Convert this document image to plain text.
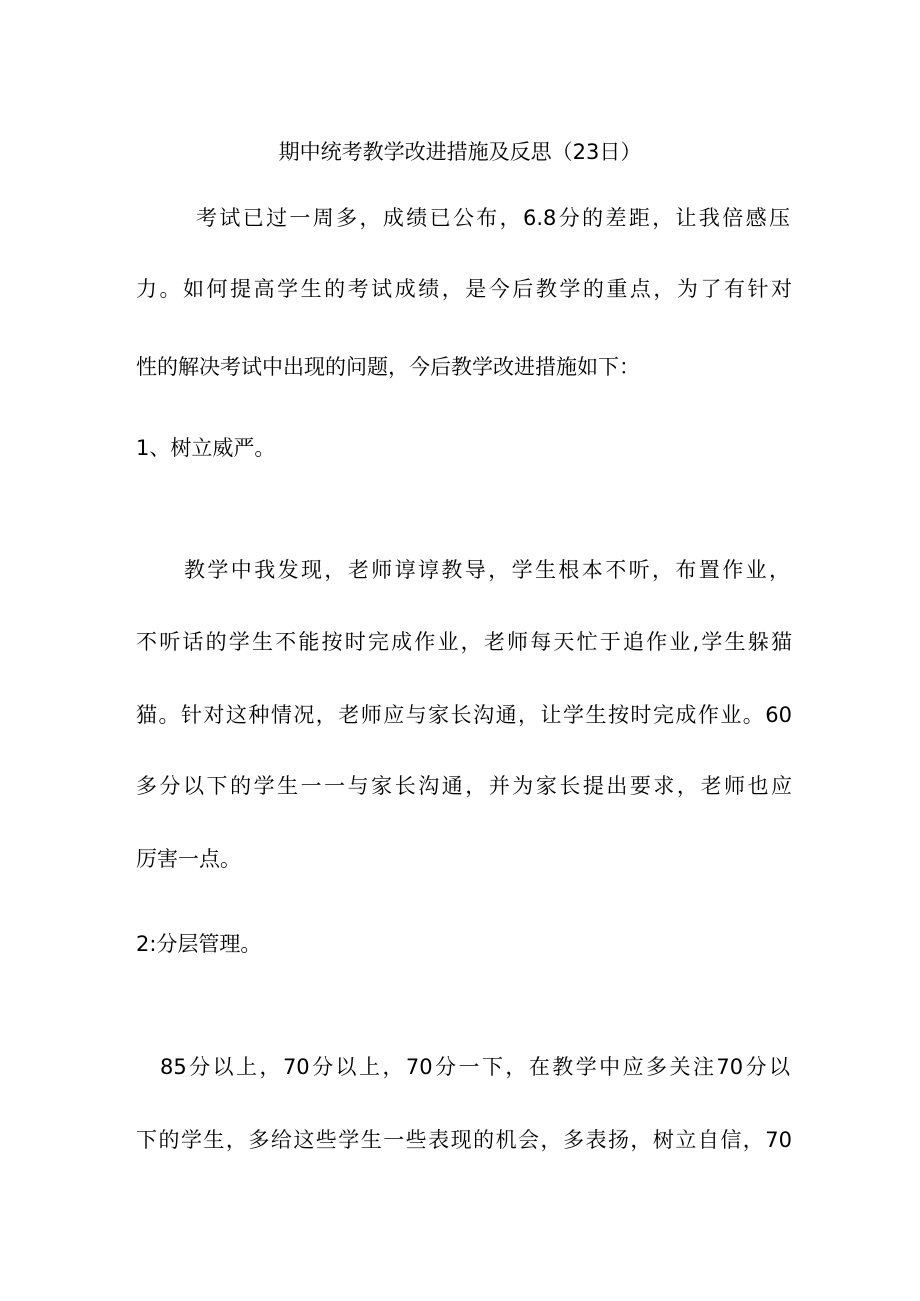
期中统考教学改进措施及反思（23日）
考试已过一周多，成绩已公布，6.8分的差距，让我倍感压
力。如何提高学生的考试成绩，是今后教学的重点，为了有针对
性的解决考试中出现的问题，今后教学改进措施如下：
1、树立威严。
教学中我发现，老师谆谆教导，学生根本不听，布置作业，
不听话的学生不能按时完成作业，老师每天忙于追作业,学生躲猫
猫。针对这种情况，老师应与家长沟通，让学生按时完成作业。60
多分以下的学生一一与家长沟通，并为家长提出要求，老师也应
厉害一点。
2:分层管理。
85分以上，70分以上，70分一下，在教学中应多关注70分以
下的学生，多给这些学生一些表现的机会，多表扬，树立自信，70
